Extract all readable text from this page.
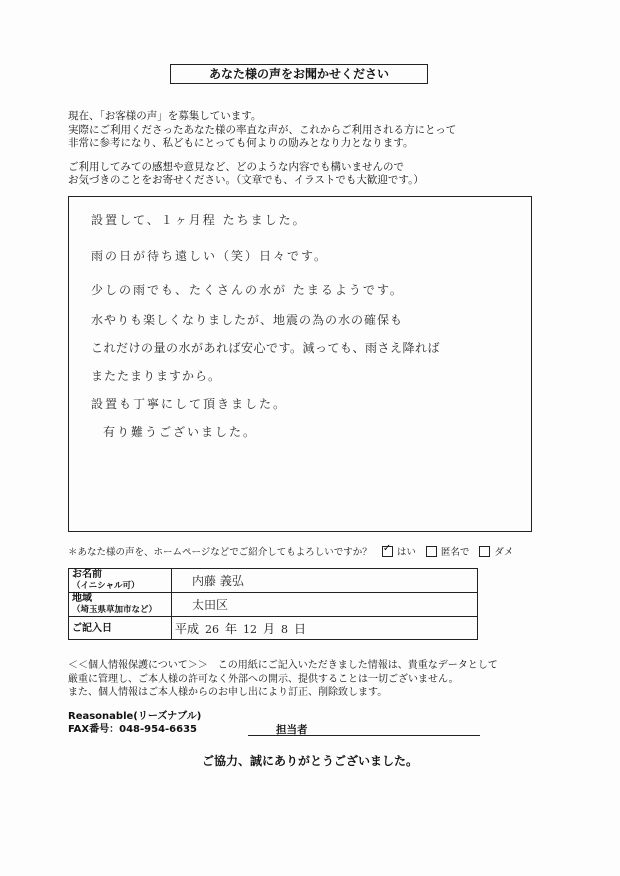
あなた様の声をお聞かせください
現在、「お客様の声」を募集しています。
実際にご利用くださったあなた様の率直な声が、これからご利用される方にとって
非常に参考になり、私どもにとっても何よりの励みとなり力となります。
ご利用してみての感想や意見など、どのような内容でも構いませんので
お気づきのことをお寄せください。（文章でも、イラストでも大歓迎です。）
設置して、１ヶ月程 たちました。
雨の日が待ち遠しい（笑）日々です。
少しの雨でも、たくさんの水が たまるようです。
水やりも楽しくなりましたが、地震の為の水の確保も
これだけの量の水があれば安心です。減っても、雨さえ降れば
またたまりますから。
設置も丁寧にして頂きました。
有り難うございました。
＊あなた様の声を、ホームページなどでご紹介してもよろしいですか？ ✓	はい	匿名で	ダメ
お名前
（イニシャル可）	内藤 義弘

地域
（埼玉県草加市など）	太田区
ご記入日	平成 26 年 12 月 8 日
＜＜個人情報保護について＞＞　この用紙にご記入いただきました情報は、貴重なデータとして
厳重に管理し、ご本人様の許可なく外部への開示、提供することは一切ございません。
また、個人情報はご本人様からのお申し出により訂正、削除致します。
Reasonable(リーズナブル)
FAX番号：048-954-6635	担当者
ご協力、誠にありがとうございました。
